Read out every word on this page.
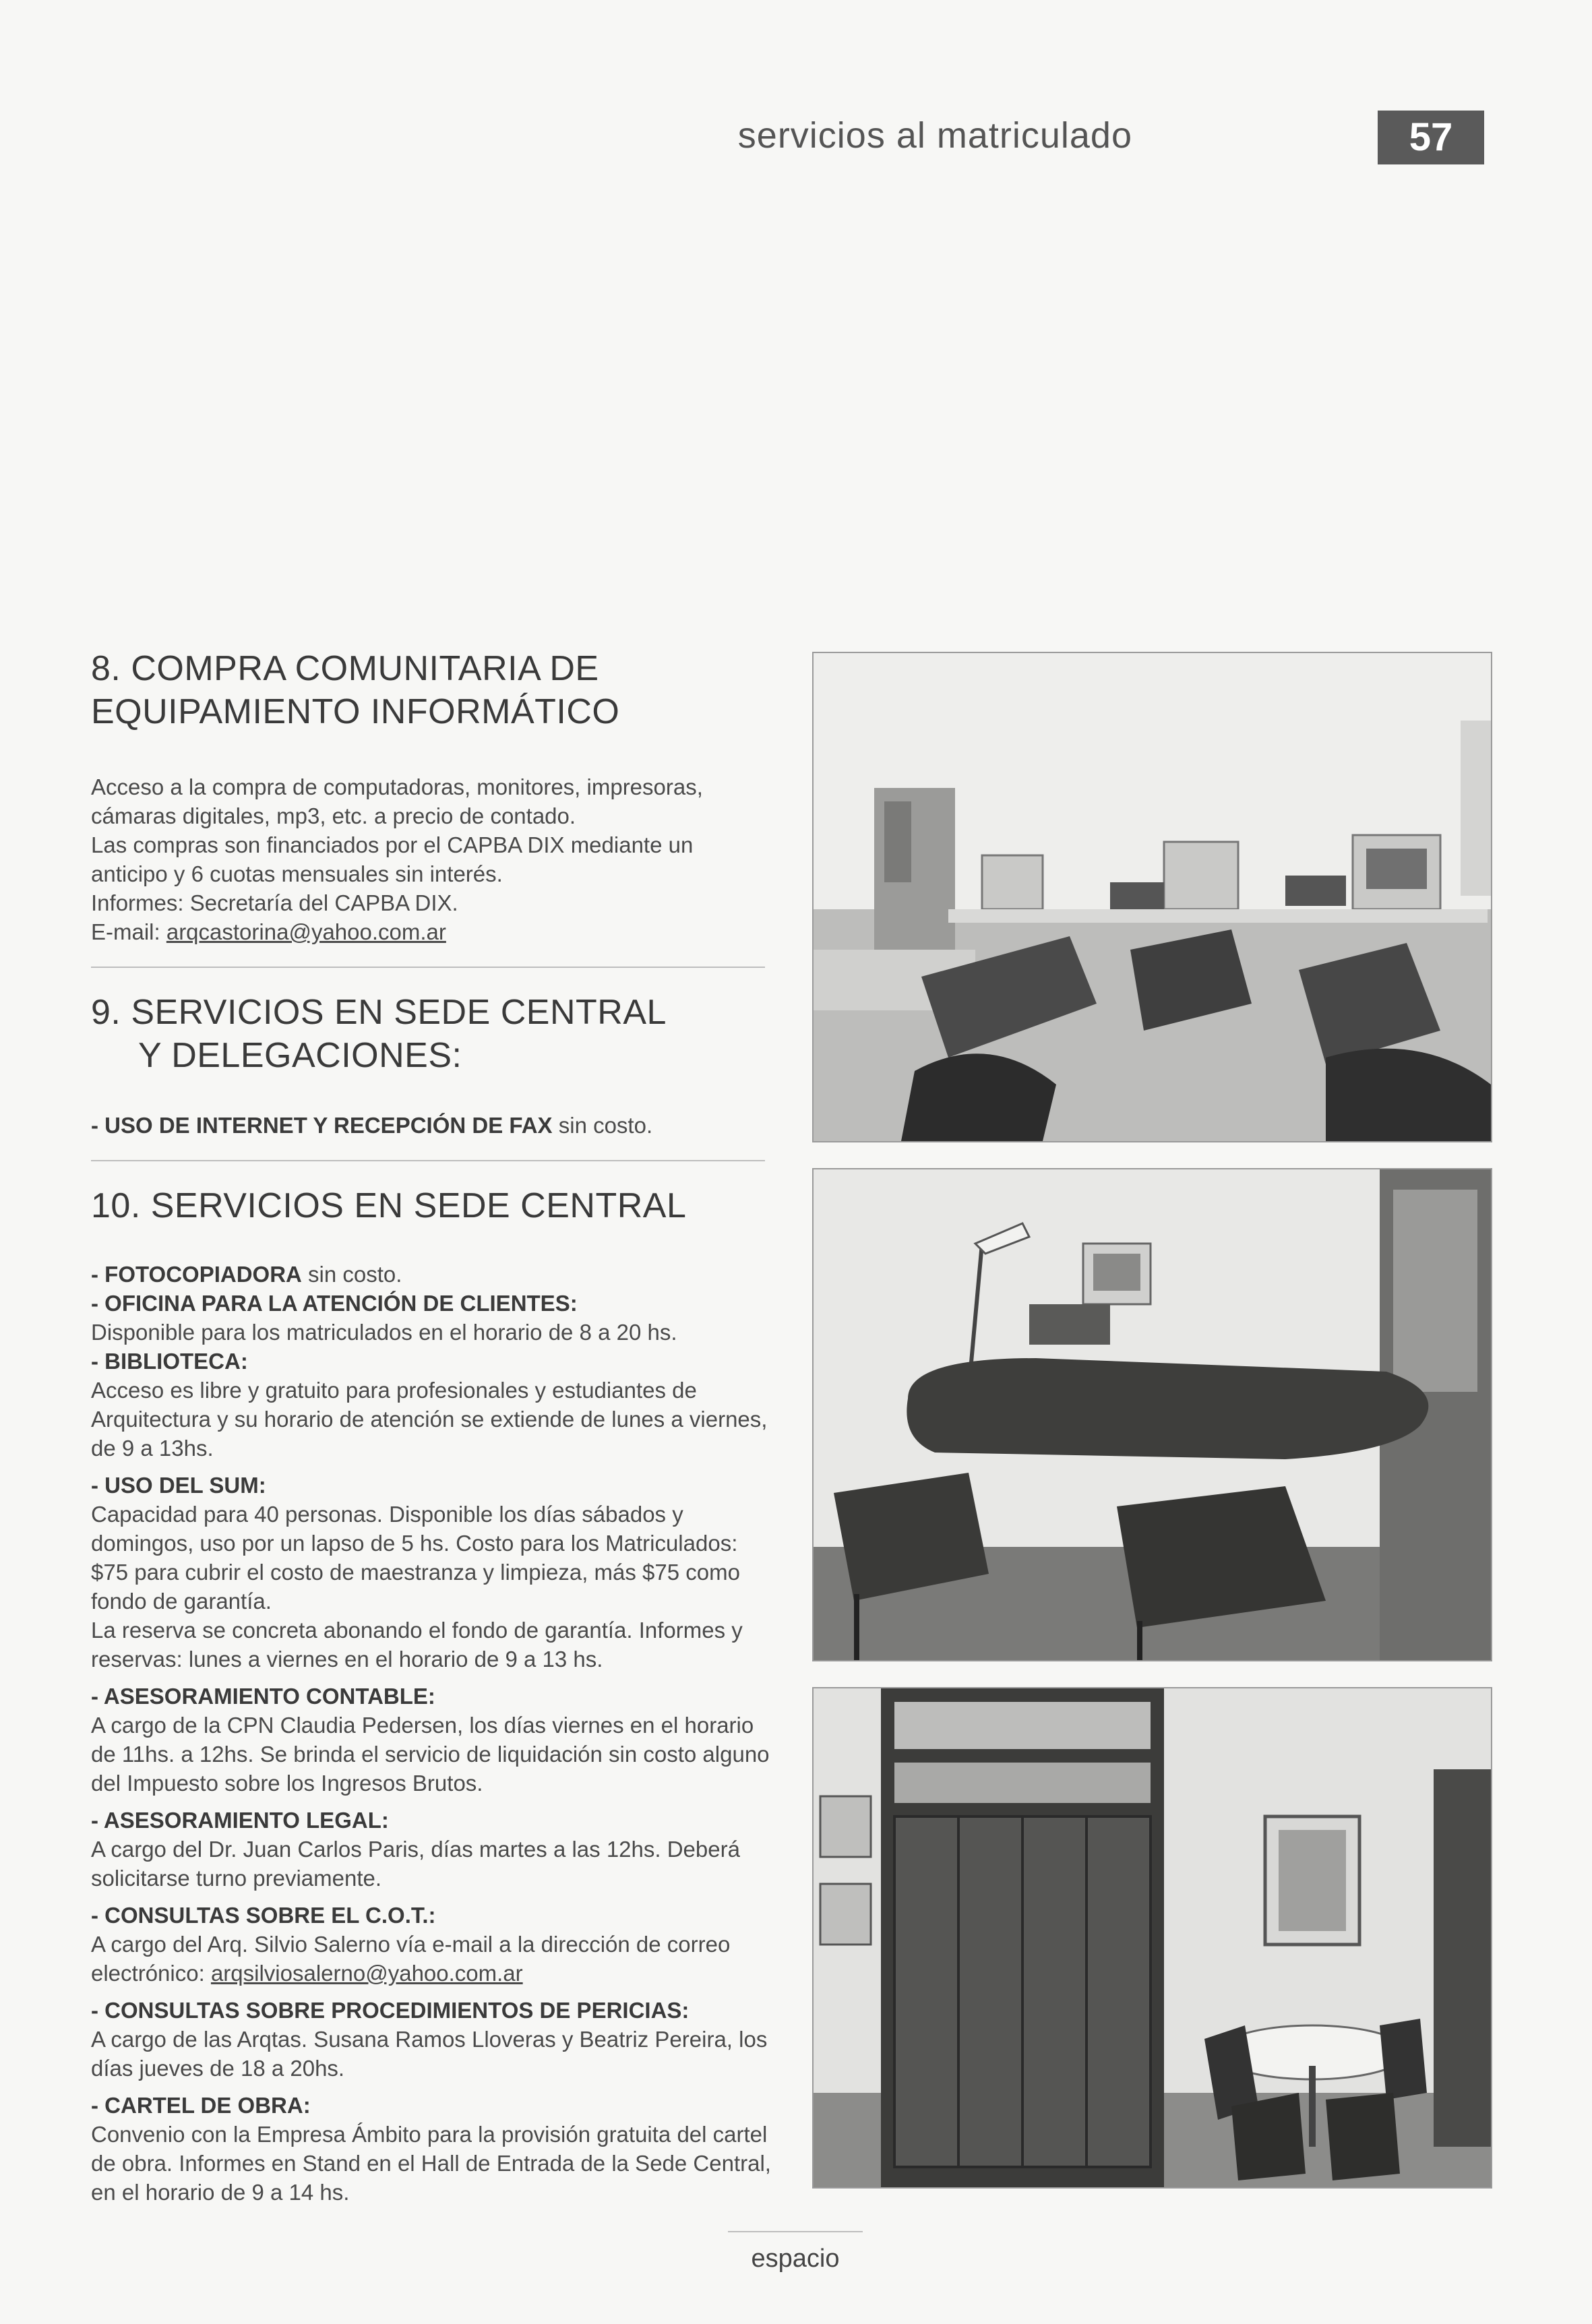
servicios al matriculado	57
8. COMPRA COMUNITARIA DE
EQUIPAMIENTO INFORMÁTICO

Acceso a la compra de computadoras, monitores, impresoras, cámaras digitales, mp3, etc. a precio de contado.

Las compras son financiados por el CAPBA DIX mediante un anticipo y 6 cuotas mensuales sin interés.

Informes: Secretaría del CAPBA DIX.

E-mail: arqcastorina@yahoo.com.ar

9. SERVICIOS EN SEDE CENTRAL
Y DELEGACIONES:

- USO DE INTERNET Y RECEPCIÓN DE FAX sin costo.

10. SERVICIOS EN SEDE CENTRAL

- FOTOCOPIADORA sin costo.

- OFICINA PARA LA ATENCIÓN DE CLIENTES:

Disponible para los matriculados en el horario de 8 a 20 hs.

- BIBLIOTECA:

Acceso es libre y gratuito para profesionales y estudiantes de Arquitectura y su horario de atención se extiende de lunes a viernes, de 9 a 13hs.

- USO DEL SUM:

Capacidad para 40 personas. Disponible los días sábados y domingos, uso por un lapso de 5 hs. Costo para los Matriculados: $75 para cubrir el costo de maestranza y limpieza, más $75 como fondo de garantía.

La reserva se concreta abonando el fondo de garantía. Informes y reservas: lunes a viernes en el horario de 9 a 13 hs.

- ASESORAMIENTO CONTABLE:

A cargo de la CPN Claudia Pedersen, los días viernes en el horario de 11hs. a 12hs. Se brinda el servicio de liquidación sin costo alguno del Impuesto sobre los Ingresos Brutos.

- ASESORAMIENTO LEGAL:

A cargo del Dr. Juan Carlos Paris, días martes a las 12hs. Deberá solicitarse turno previamente.

- CONSULTAS SOBRE EL C.O.T.:

A cargo del Arq. Silvio Salerno vía e-mail a la dirección de correo electrónico: arqsilviosalerno@yahoo.com.ar

- CONSULTAS SOBRE PROCEDIMIENTOS DE PERICIAS:

A cargo de las Arqtas. Susana Ramos Lloveras y Beatriz Pereira, los días jueves de 18 a 20hs.

- CARTEL DE OBRA:

Convenio con la Empresa Ámbito para la provisión gratuita del cartel de obra. Informes en Stand en el Hall de Entrada de la Sede Central, en el horario de 9 a 14 hs.

espacio
